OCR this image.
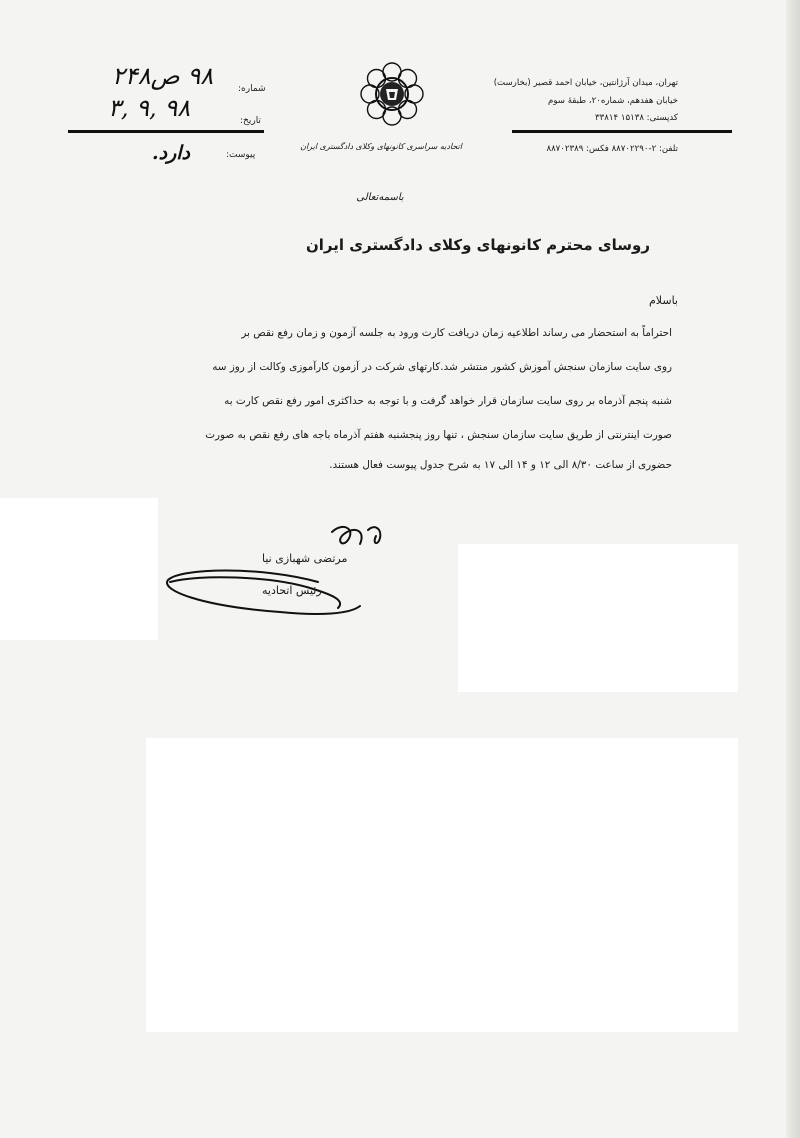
شماره:
۹۸ ص۲۴۸
تاریخ:
۹۸ ,۹ ,۳
پیوست:
دارد.	اتحادیه سراسری کانونهای وکلای دادگستری ایران
تهران، میدان آرژانتین، خیابان احمد قصیر (بخارست)
خیابان هفدهم، شماره۲۰، طبقهٔ سوم
کدپستی: ۱۵۱۳۸ ۳۳۸۱۴
تلفن: ۲-۸۸۷۰۲۲۹۰ فکس: ۸۸۷۰۲۳۸۹
باسمه‌تعالی
روسای محترم کانونهای وکلای دادگستری ایران
باسلام
احتراماً به استحضار می رساند اطلاعیه زمان دریافت کارت ورود به جلسه آزمون و زمان رفع نقص بر
روی سایت سازمان سنجش آموزش کشور منتشر شد.کارتهای شرکت در آزمون کارآموزی وکالت از روز سه
شنبه پنجم آذرماه بر روی سایت سازمان قرار خواهد گرفت و با توجه به حداکثری امور رفع نقص کارت به
صورت اینترنتی از طریق سایت سازمان سنجش ، تنها روز پنجشنبه هفتم آذرماه باجه های رفع نقص به صورت
حضوری از ساعت ۸/۳۰ الی ۱۲ و ۱۴ الی ۱۷ به شرح جدول پیوست فعال هستند.
مرتضی شهبازی نیا
رئیس اتحادیه
